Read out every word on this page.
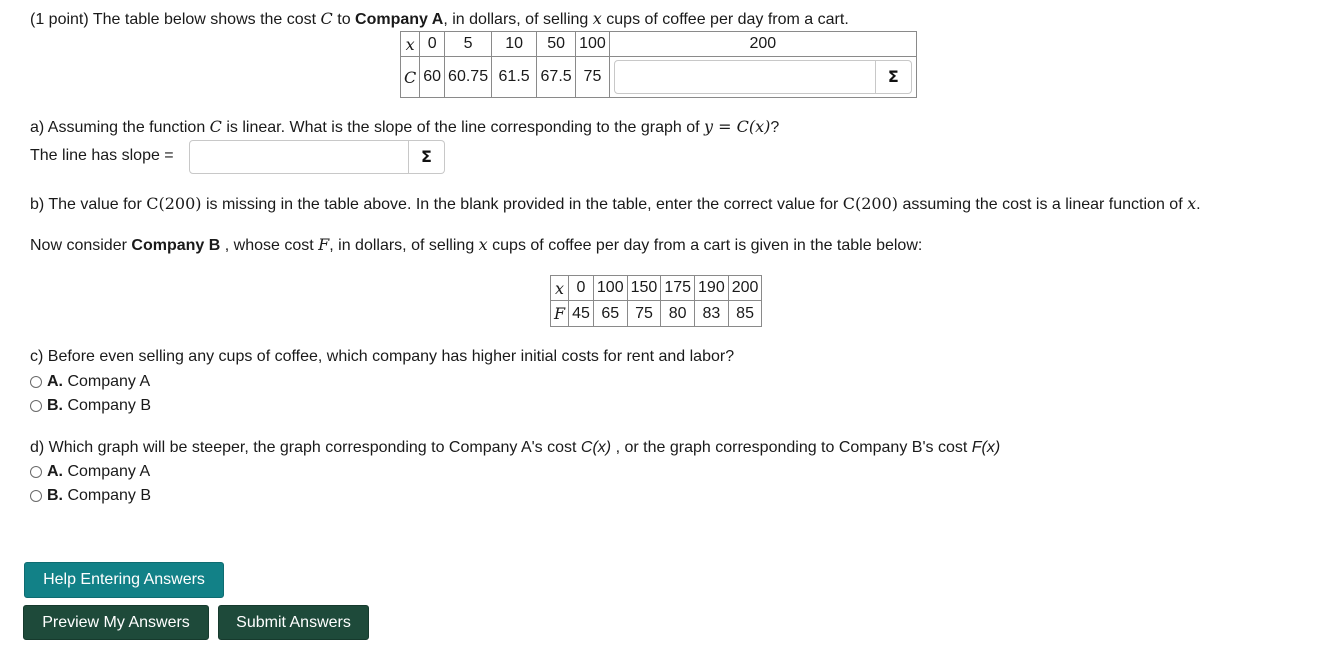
(1 point) The table below shows the cost C to Company A, in dollars, of selling x cups of coffee per day from a cart.
x	0	5	10	50	100	200
C	60	60.75	61.5	67.5	75	Σ
a) Assuming the function C is linear. What is the slope of the line corresponding to the graph of y = C(x)?
The line has slope =	Σ
b) The value for C(200) is missing in the table above. In the blank provided in the table, enter the correct value for C(200) assuming the cost is a linear function of x.
Now consider Company B , whose cost F, in dollars, of selling x cups of coffee per day from a cart is given in the table below:
x	0	100	150	175	190	200
F	45	65	75	80	83	85
c) Before even selling any cups of coffee, which company has higher initial costs for rent and labor?
A.
Company A
B.
Company B
d) Which graph will be steeper, the graph corresponding to Company A's cost C(x) , or the graph corresponding to Company B's cost F(x)
A.
Company A
B.
Company B
Help Entering Answers
Preview My Answers	Submit Answers
